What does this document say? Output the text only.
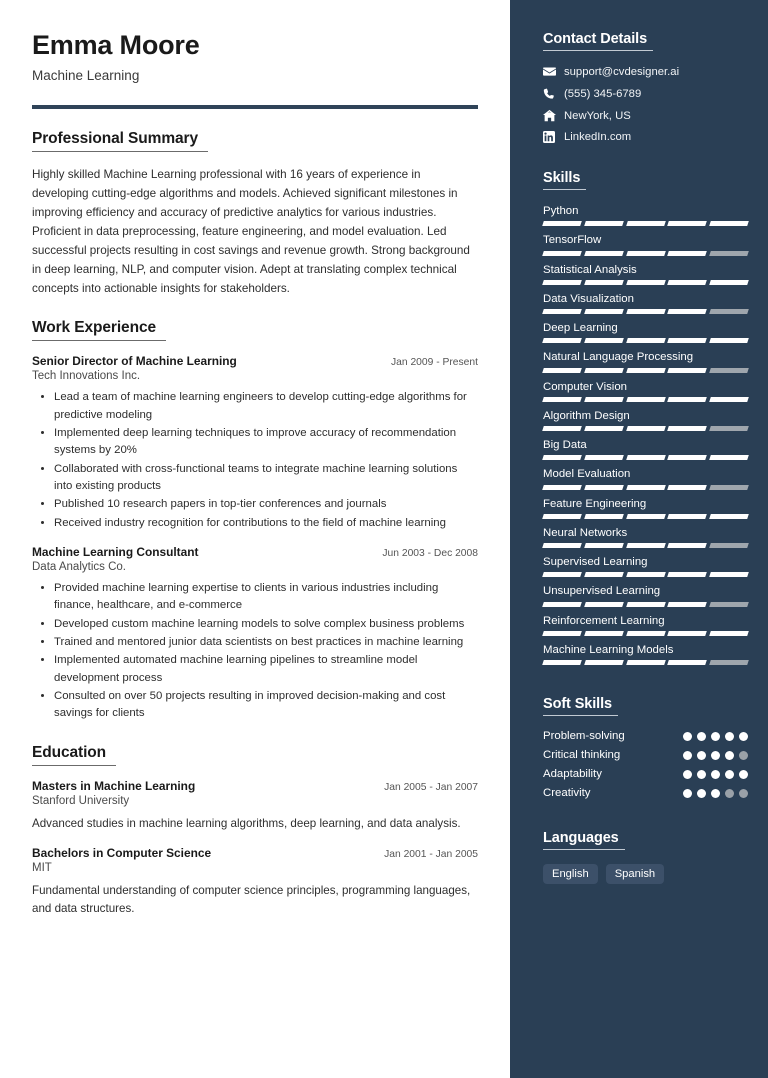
Emma Moore
Machine Learning
Professional Summary
Highly skilled Machine Learning professional with 16 years of experience in developing cutting-edge algorithms and models. Achieved significant milestones in improving efficiency and accuracy of predictive analytics for various industries. Proficient in data preprocessing, feature engineering, and model evaluation. Led successful projects resulting in cost savings and revenue growth. Strong background in deep learning, NLP, and computer vision. Adept at translating complex technical concepts into actionable insights for stakeholders.
Work Experience
Senior Director of Machine Learning	Jan 2009 - Present
Tech Innovations Inc.
• Lead a team of machine learning engineers to develop cutting-edge algorithms for predictive modeling
• Implemented deep learning techniques to improve accuracy of recommendation systems by 20%
• Collaborated with cross-functional teams to integrate machine learning solutions into existing products
• Published 10 research papers in top-tier conferences and journals
• Received industry recognition for contributions to the field of machine learning
Machine Learning Consultant	Jun 2003 - Dec 2008
Data Analytics Co.
• Provided machine learning expertise to clients in various industries including finance, healthcare, and e-commerce
• Developed custom machine learning models to solve complex business problems
• Trained and mentored junior data scientists on best practices in machine learning
• Implemented automated machine learning pipelines to streamline model development process
• Consulted on over 50 projects resulting in improved decision-making and cost savings for clients
Education
Masters in Machine Learning	Jan 2005 - Jan 2007
Stanford University
Advanced studies in machine learning algorithms, deep learning, and data analysis.
Bachelors in Computer Science	Jan 2001 - Jan 2005
MIT
Fundamental understanding of computer science principles, programming languages, and data structures.
Contact Details
support@cvdesigner.ai
(555) 345-6789
NewYork, US
LinkedIn.com
Skills
Python
TensorFlow
Statistical Analysis
Data Visualization
Deep Learning
Natural Language Processing
Computer Vision
Algorithm Design
Big Data
Model Evaluation
Feature Engineering
Neural Networks
Supervised Learning
Unsupervised Learning
Reinforcement Learning
Machine Learning Models
Soft Skills
Problem-solving
Critical thinking
Adaptability
Creativity
Languages
English	Spanish
